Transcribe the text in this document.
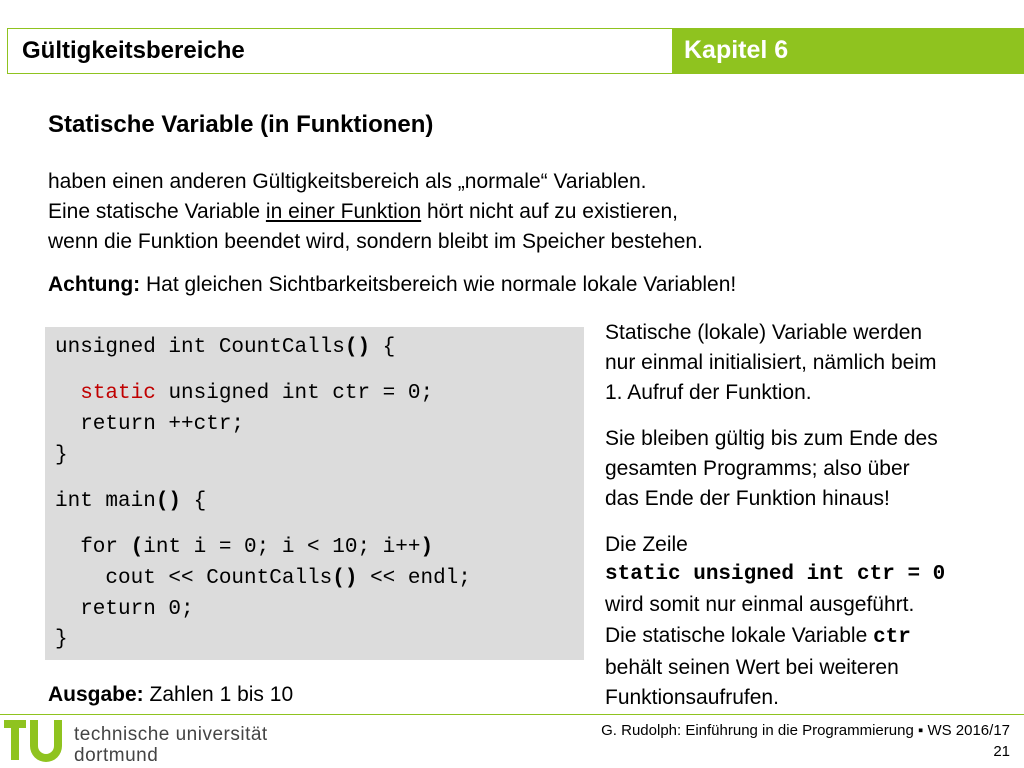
Gültigkeitsbereiche	Kapitel 6
Statische Variable (in Funktionen)
haben einen anderen Gültigkeitsbereich als „normale“ Variablen.
Eine statische Variable in einer Funktion hört nicht auf zu existieren,
wenn die Funktion beendet wird, sondern bleibt im Speicher bestehen.
Achtung: Hat gleichen Sichtbarkeitsbereich wie normale lokale Variablen!
unsigned int CountCalls() {
static unsigned int ctr = 0;
return ++ctr;
}
int main() {
for (int i = 0; i < 10; i++)
cout << CountCalls() << endl;
return 0;
}
Statische (lokale) Variable werden
nur einmal initialisiert, nämlich beim
1. Aufruf der Funktion.
Sie bleiben gültig bis zum Ende des
gesamten Programms; also über
das Ende der Funktion hinaus!
Die Zeile
static unsigned int ctr = 0
wird somit nur einmal ausgeführt.
Die statische lokale Variable ctr
behält seinen Wert bei weiteren
Funktionsaufrufen.
Ausgabe: Zahlen 1 bis 10
technische universität
dortmund
G. Rudolph: Einführung in die Programmierung ▪ WS 2016/17
21
